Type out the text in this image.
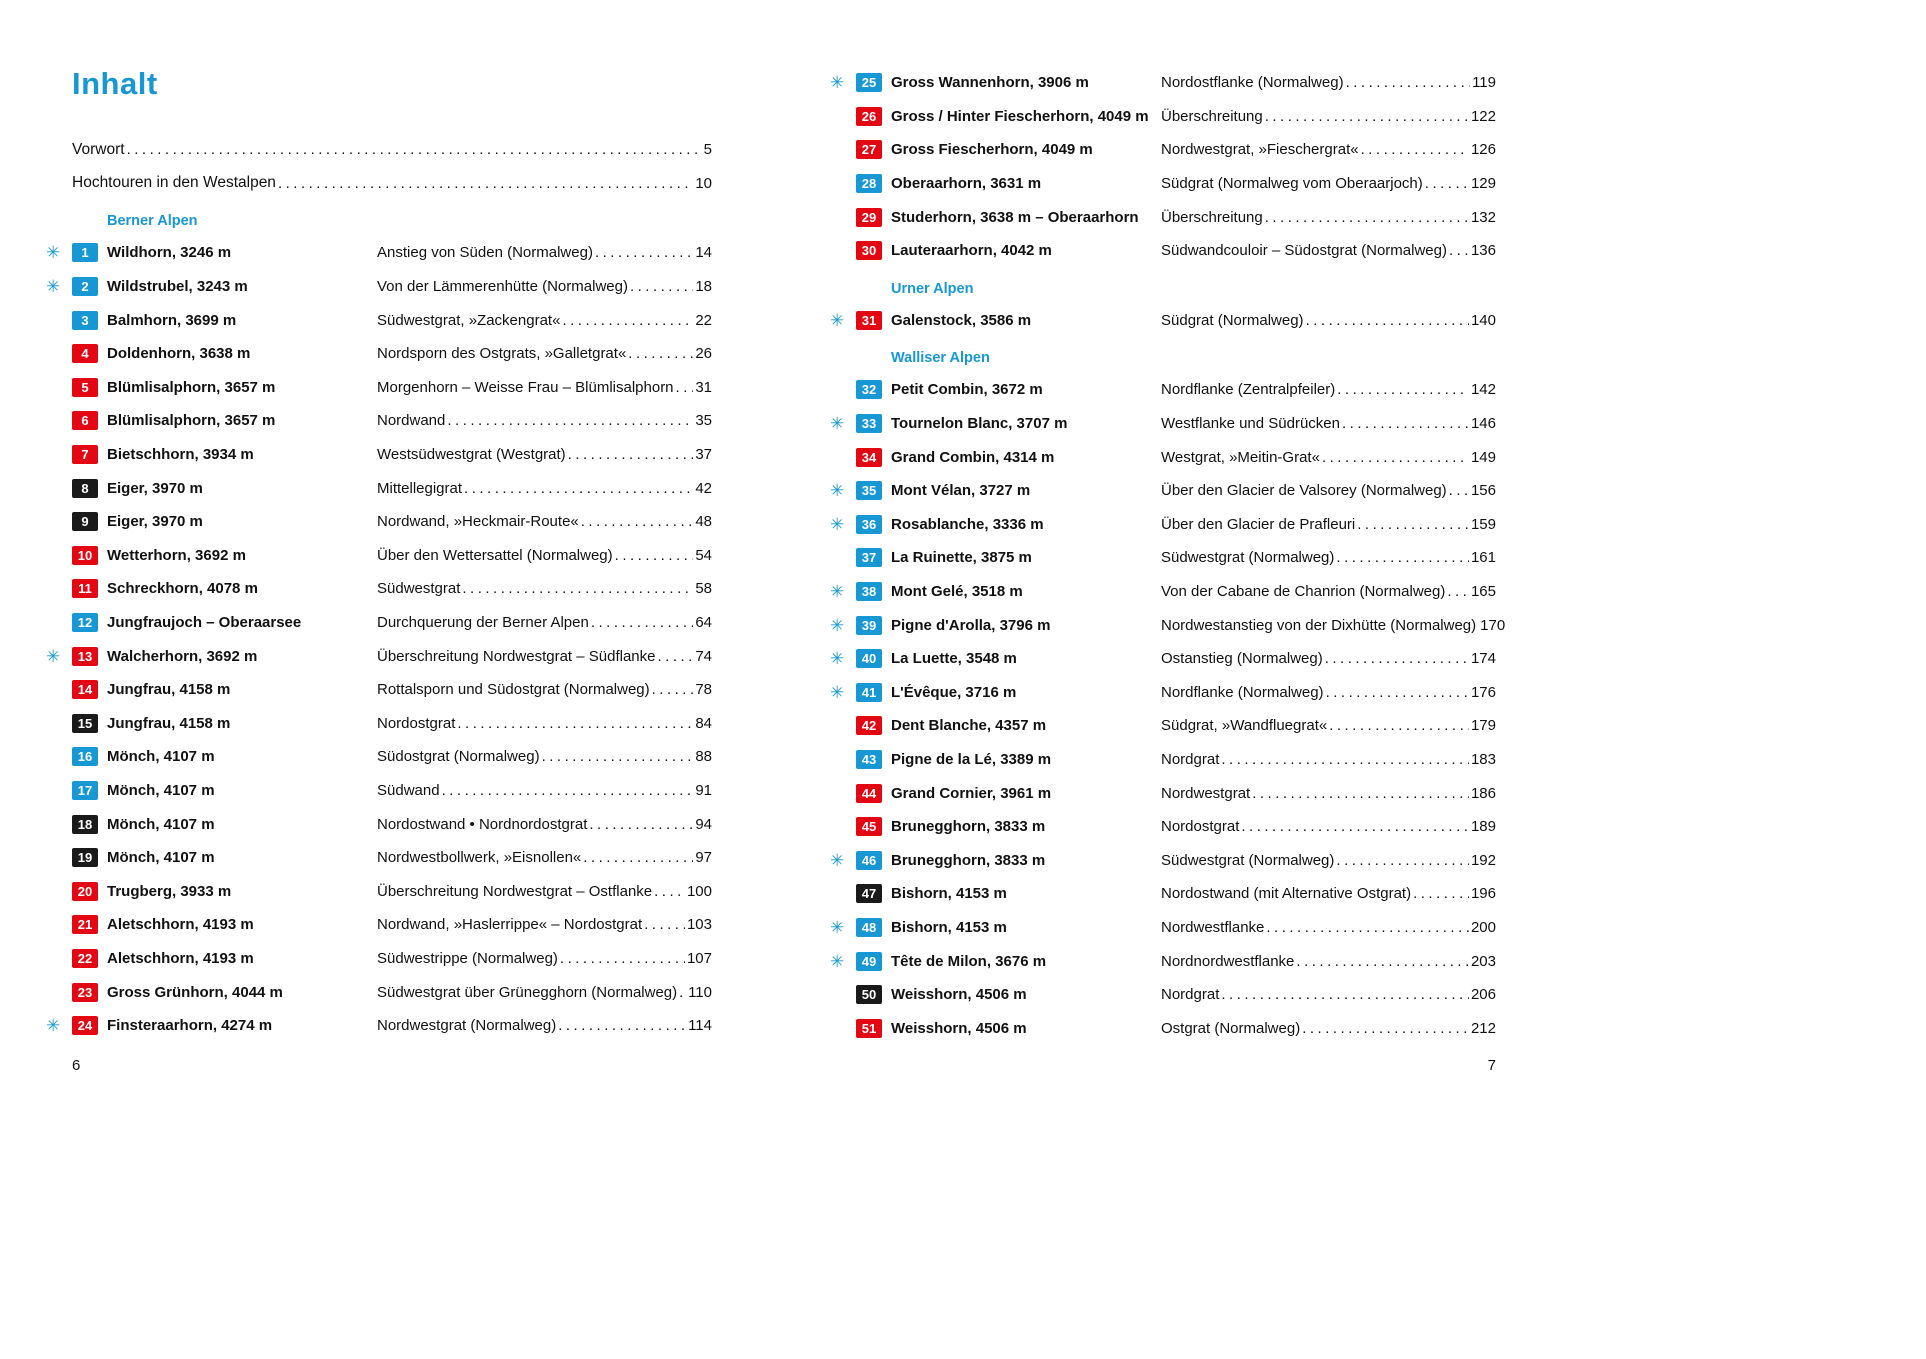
Inhalt
Vorwort .....	5
Hochtouren in den Westalpen .....	10
Berner Alpen
✳	1	Wildhorn, 3246 m	Anstieg von Süden (Normalweg) .....	14
✳	2	Wildstrubel, 3243 m	Von der Lämmerenhütte (Normalweg) .....	18
3	Balmhorn, 3699 m	Südwestgrat, »Zackengrat« .....	22
4	Doldenhorn, 3638 m	Nordsporn des Ostgrats, »Galletgrat« .....	26
5	Blümlisalphorn, 3657 m	Morgenhorn – Weisse Frau – Blümlisalphorn ..... 31
6	Blümlisalphorn, 3657 m	Nordwand .....	35
7	Bietschhorn, 3934 m	Westsüdwestgrat (Westgrat) .....	37
8	Eiger, 3970 m	Mittellegigrat .....	42
9	Eiger, 3970 m	Nordwand, »Heckmair-Route« .....	48
10 Wetterhorn, 3692 m	Über den Wettersattel (Normalweg) .....	54
11	Schreckhorn, 4078 m	Südwestgrat .....	58
12 Jungfraujoch – Oberaarsee	Durchquerung der Berner Alpen .....	64
✳	13 Walcherhorn, 3692 m	Überschreitung Nordwestgrat – Südflanke .....	74
14 Jungfrau, 4158 m	Rottalsporn und Südostgrat (Normalweg) .....	78
15 Jungfrau, 4158 m	Nordostgrat .....	84
16 Mönch, 4107 m	Südostgrat (Normalweg) .....	88
17 Mönch, 4107 m	Südwand .....	91
18 Mönch, 4107 m	Nordostwand • Nordnordostgrat .....	94
19 Mönch, 4107 m	Nordwestbollwerk, »Eisnollen« .....	97
20 Trugberg, 3933 m	Überschreitung Nordwestgrat – Ostflanke ..... 100
21 Aletschhorn, 4193 m	Nordwand, »Haslerrippe« – Nordostgrat .....	103
22 Aletschhorn, 4193 m	Südwestrippe (Normalweg) .....	107
23 Gross Grünhorn, 4044 m	Südwestgrat über Grünegghorn (Normalweg) ..... 110
✳	24 Finsteraarhorn, 4274 m	Nordwestgrat (Normalweg) .....	114
✳	25 Gross Wannenhorn, 3906 m	Nordostflanke (Normalweg) .....	119
26 Gross / Hinter Fiescherhorn, 4049 m Überschreitung .....	122
27 Gross Fiescherhorn, 4049 m	Nordwestgrat, »Fieschergrat« .....	126
28 Oberaarhorn, 3631 m	Südgrat (Normalweg vom Oberaarjoch) .....	129
29 Studerhorn, 3638 m – Oberaarhorn	Überschreitung .....	132
30 Lauteraarhorn, 4042 m	Südwandcouloir – Südostgrat (Normalweg) ..... 136
Urner Alpen
✳	31 Galenstock, 3586 m	Südgrat (Normalweg) .....	140
Walliser Alpen
32 Petit Combin, 3672 m	Nordflanke (Zentralpfeiler) .....	142
✳	33 Tournelon Blanc, 3707 m	Westflanke und Südrücken .....	146
34 Grand Combin, 4314 m	Westgrat, »Meitin-Grat« .....	149
✳	35 Mont Vélan, 3727 m	Über den Glacier de Valsorey (Normalweg) ..... 156
✳	36 Rosablanche, 3336 m	Über den Glacier de Prafleuri .....	159
37 La Ruinette, 3875 m	Südwestgrat (Normalweg) .....	161
✳	38 Mont Gelé, 3518 m	Von der Cabane de Chanrion (Normalweg) ..... 165
✳	39 Pigne d'Arolla, 3796 m	Nordwestanstieg von der Dixhütte (Normalweg) 170
✳	40 La Luette, 3548 m	Ostanstieg (Normalweg) .....	174
✳	41 L'Évêque, 3716 m	Nordflanke (Normalweg) .....	176
42 Dent Blanche, 4357 m	Südgrat, »Wandfluegrat« .....	179
43 Pigne de la Lé, 3389 m	Nordgrat .....	183
44 Grand Cornier, 3961 m	Nordwestgrat .....	186
45 Brunegghorn, 3833 m	Nordostgrat .....	189
✳	46 Brunegghorn, 3833 m	Südwestgrat (Normalweg) .....	192
47 Bishorn, 4153 m	Nordostwand (mit Alternative Ostgrat) .....	196
✳	48 Bishorn, 4153 m	Nordwestflanke .....	200
✳	49 Tête de Milon, 3676 m	Nordnordwestflanke .....	203
50 Weisshorn, 4506 m	Nordgrat .....	206
51 Weisshorn, 4506 m	Ostgrat (Normalweg) .....	212
6	7
